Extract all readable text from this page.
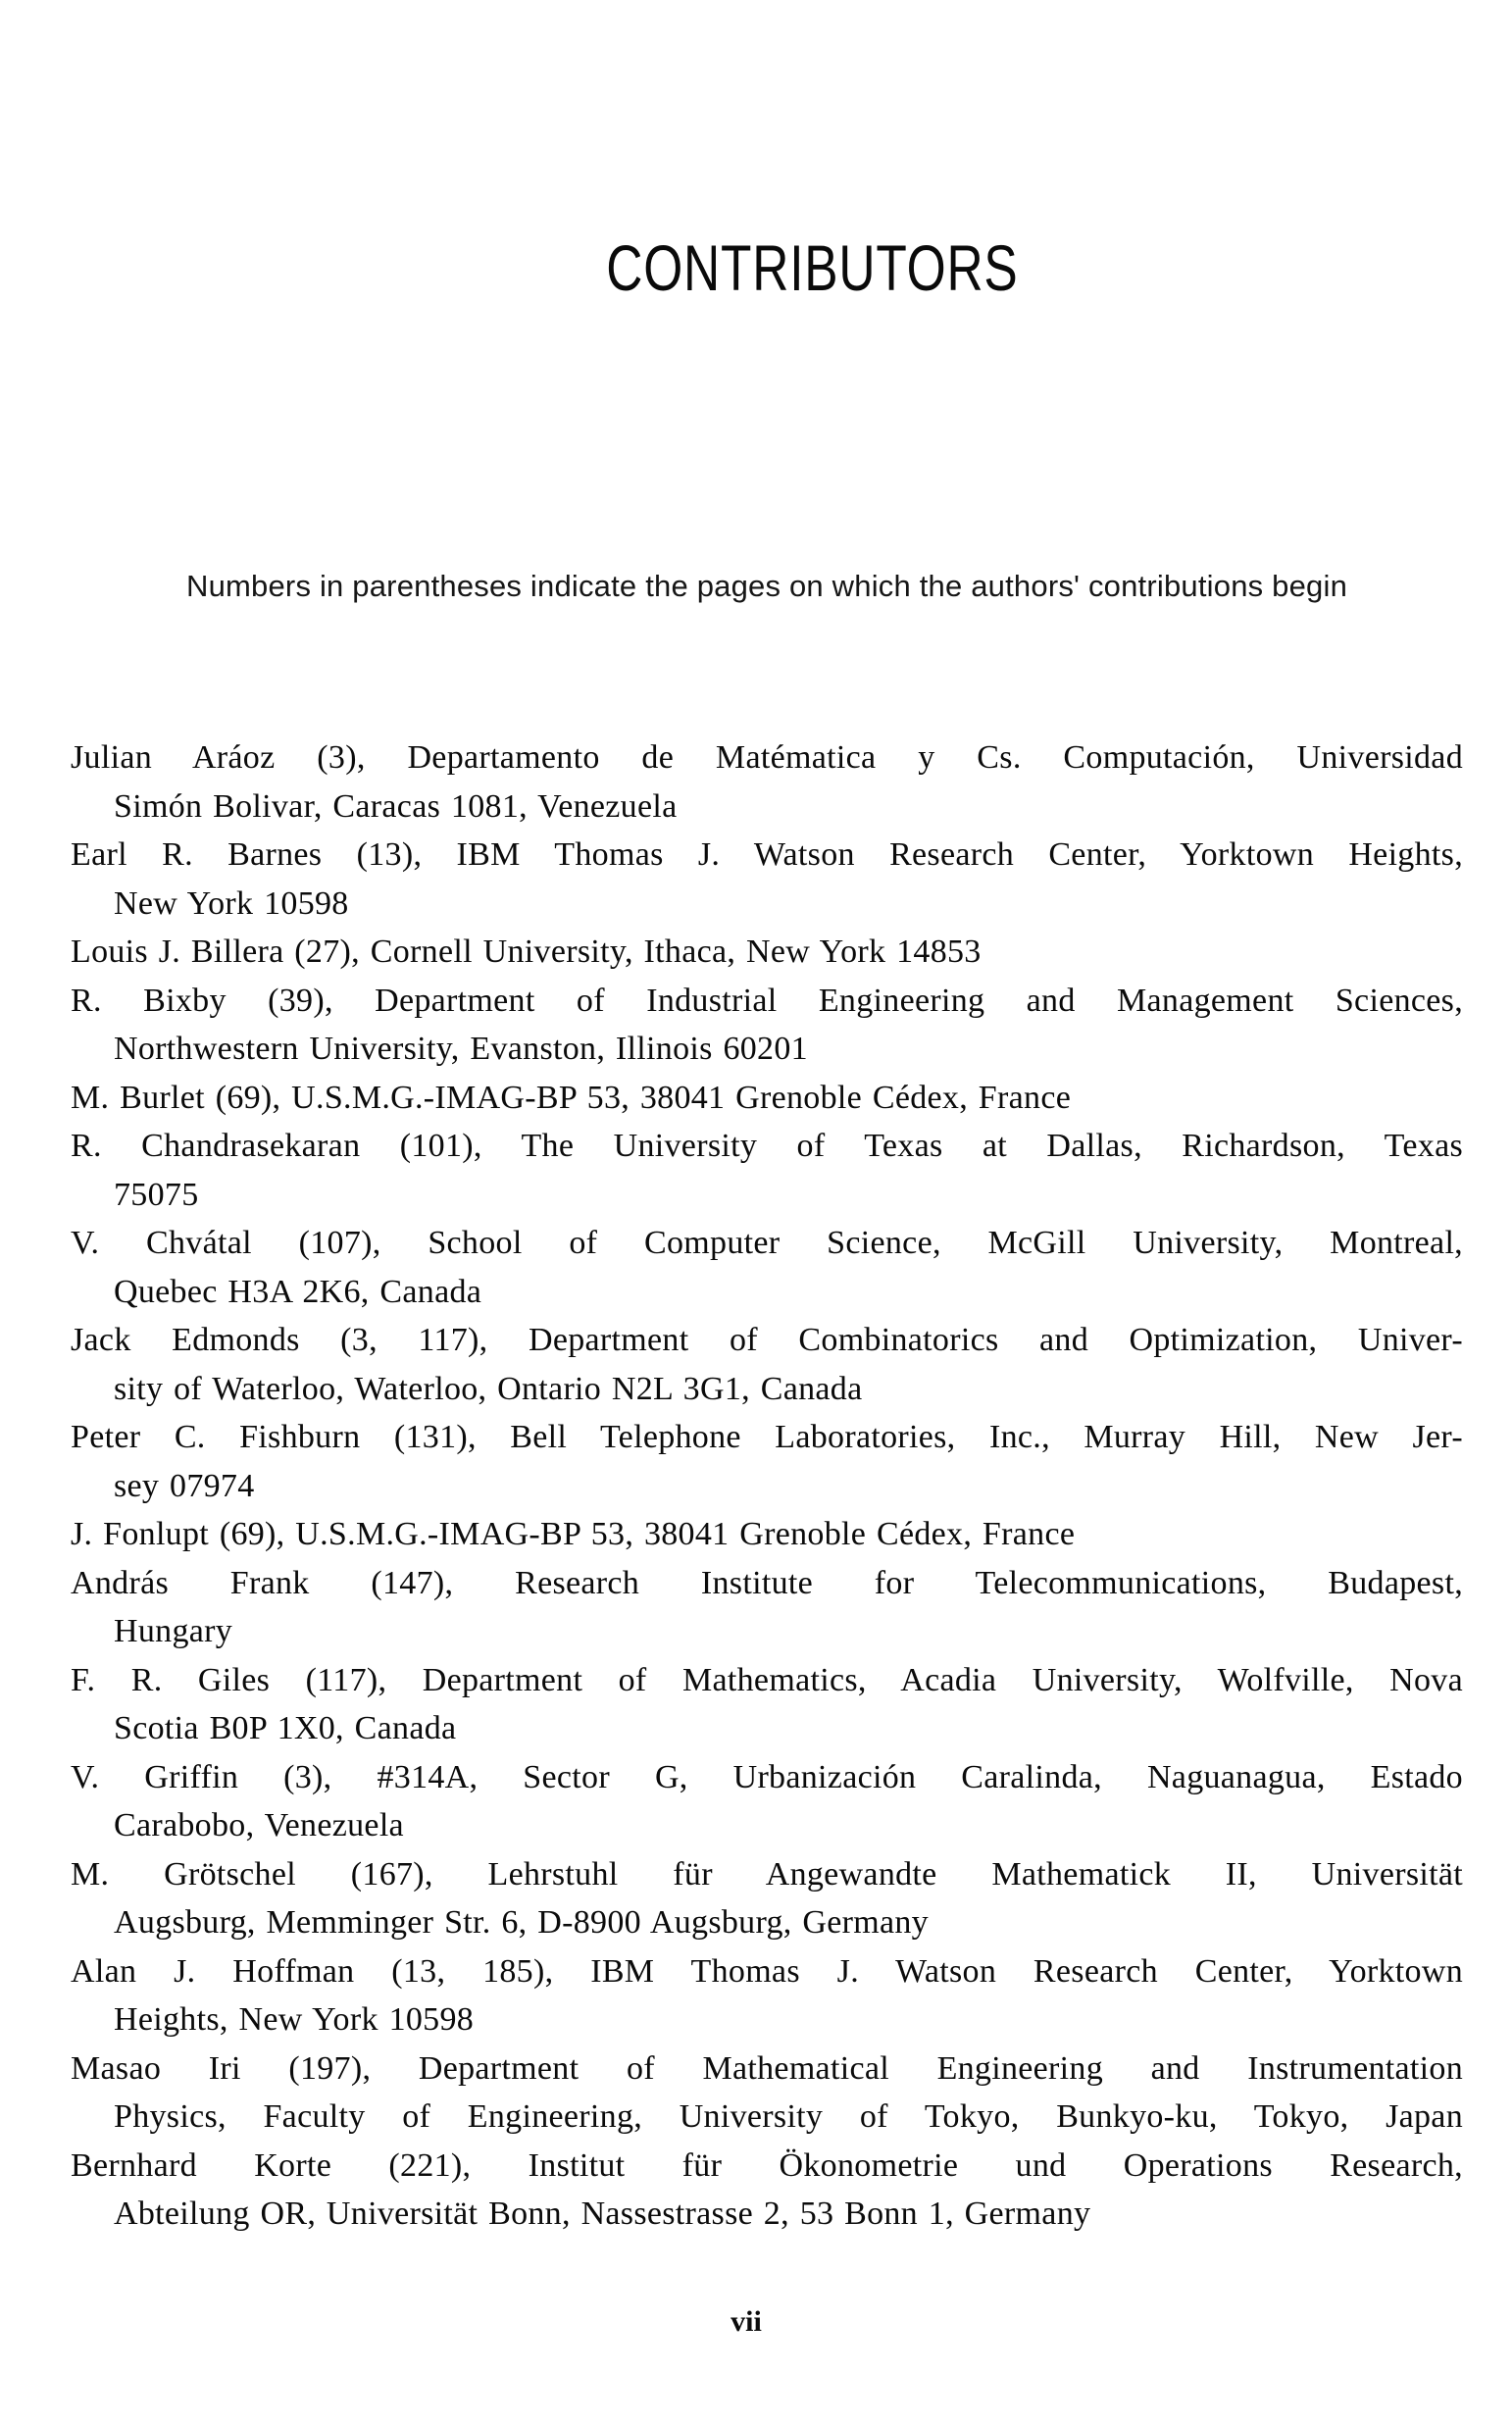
CONTRIBUTORS

Numbers in parentheses indicate the pages on which the authors' contributions begin

Julian Aráoz (3), Departamento de Matématica y Cs. Computación, Universidad
Simón Bolivar, Caracas 1081, Venezuela
Earl R. Barnes (13), IBM Thomas J. Watson Research Center, Yorktown Heights,
New York 10598
Louis J. Billera (27), Cornell University, Ithaca, New York 14853
R. Bixby (39), Department of Industrial Engineering and Management Sciences,
Northwestern University, Evanston, Illinois 60201
M. Burlet (69), U.S.M.G.-IMAG-BP 53, 38041 Grenoble Cédex, France
R. Chandrasekaran (101), The University of Texas at Dallas, Richardson, Texas
75075
V. Chvátal (107), School of Computer Science, McGill University, Montreal,
Quebec H3A 2K6, Canada
Jack Edmonds (3, 117), Department of Combinatorics and Optimization, Univer-
sity of Waterloo, Waterloo, Ontario N2L 3G1, Canada
Peter C. Fishburn (131), Bell Telephone Laboratories, Inc., Murray Hill, New Jer-
sey 07974
J. Fonlupt (69), U.S.M.G.-IMAG-BP 53, 38041 Grenoble Cédex, France
András Frank (147), Research Institute for Telecommunications, Budapest,
Hungary
F. R. Giles (117), Department of Mathematics, Acadia University, Wolfville, Nova
Scotia B0P 1X0, Canada
V. Griffin (3), #314A, Sector G, Urbanización Caralinda, Naguanagua, Estado
Carabobo, Venezuela
M. Grötschel (167), Lehrstuhl für Angewandte Mathematick II, Universität
Augsburg, Memminger Str. 6, D-8900 Augsburg, Germany
Alan J. Hoffman (13, 185), IBM Thomas J. Watson Research Center, Yorktown
Heights, New York 10598
Masao Iri (197), Department of Mathematical Engineering and Instrumentation
Physics, Faculty of Engineering, University of Tokyo, Bunkyo-ku, Tokyo, Japan
Bernhard Korte (221), Institut für Ökonometrie und Operations Research,
Abteilung OR, Universität Bonn, Nassestrasse 2, 53 Bonn 1, Germany
vii
